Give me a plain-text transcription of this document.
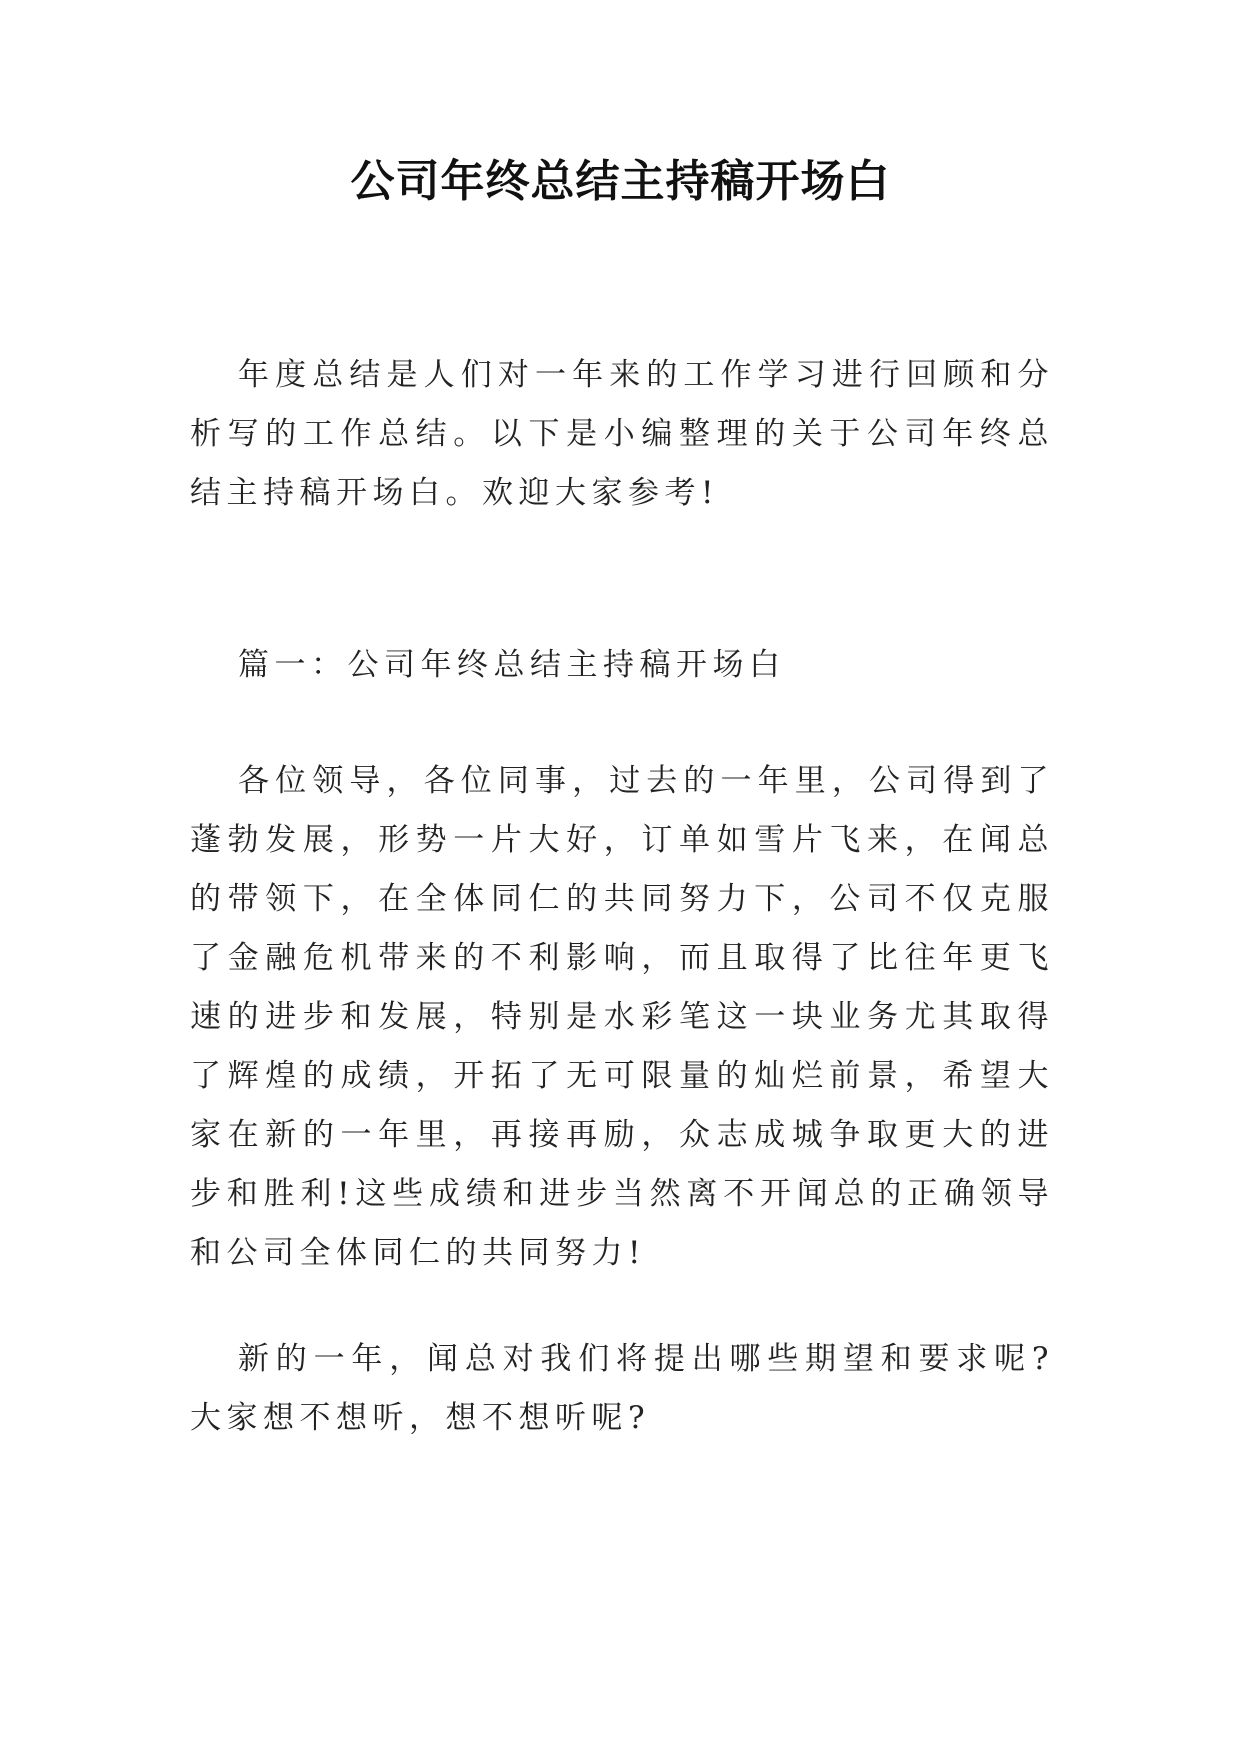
公司年终总结主持稿开场白

年度总结是人们对一年来的工作学习进行回顾和分析写的工作总结。以下是小编整理的关于公司年终总结主持稿开场白。欢迎大家参考!

篇一：公司年终总结主持稿开场白

各位领导，各位同事，过去的一年里，公司得到了蓬勃发展，形势一片大好，订单如雪片飞来，在闻总的带领下，在全体同仁的共同努力下，公司不仅克服了金融危机带来的不利影响，而且取得了比往年更飞速的进步和发展，特别是水彩笔这一块业务尤其取得了辉煌的成绩，开拓了无可限量的灿烂前景，希望大家在新的一年里，再接再励，众志成城争取更大的进步和胜利!这些成绩和进步当然离不开闻总的正确领导和公司全体同仁的共同努力!

新的一年，闻总对我们将提出哪些期望和要求呢?大家想不想听，想不想听呢?
